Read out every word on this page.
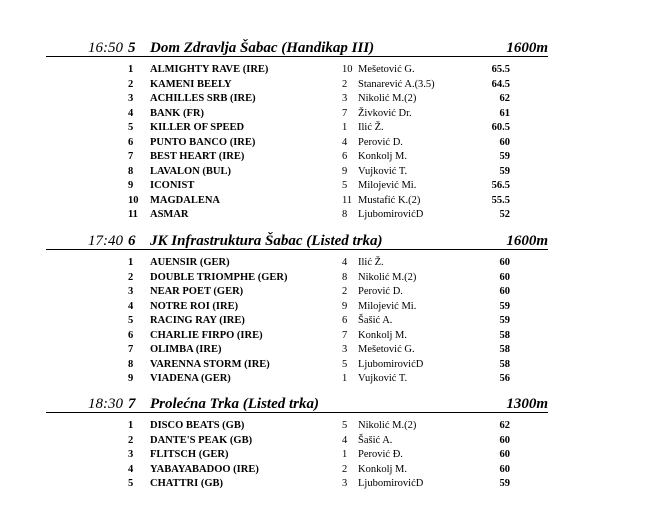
16:50 5 Dom Zdravlja Šabac (Handikap III)	1600m
1 ALMIGHTY RAVE (IRE)	10 Mešetović G.	65.5
2 KAMENI BEELY	2 Stanarević A.(3.5)	64.5
3 ACHILLES SRB (IRE)	3 Nikolić M.(2)	62
4 BANK (FR)	7 Živković Dr.	61
5 KILLER OF SPEED	1 Ilić Ž.	60.5
6 PUNTO BANCO (IRE)	4 Perović D.	60
7 BEST HEART (IRE)	6 Konkolj M.	59
8 LAVALON (BUL)	9 Vujković T.	59
9 ICONIST	5 Milojević Mi.	56.5
10 MAGDALENA	11 Mustafić K.(2)	55.5
11 ASMAR	8 LjubomirovićD	52
17:40 6 JK Infrastruktura Šabac (Listed trka)	1600m
1 AUENSIR (GER)	4 Ilić Ž.	60
2 DOUBLE TRIOMPHE (GER)	8 Nikolić M.(2)	60
3 NEAR POET (GER)	2 Perović D.	60
4 NOTRE ROI (IRE)	9 Milojević Mi.	59
5 RACING RAY (IRE)	6 Šašić A.	59
6 CHARLIE FIRPO (IRE)	7 Konkolj M.	58
7 OLIMBA (IRE)	3 Mešetović G.	58
8 VARENNA STORM (IRE)	5 LjubomirovićD	58
9 VIADENA (GER)	1 Vujković T.	56
18:30 7 Prolećna Trka (Listed trka)	1300m
1 DISCO BEATS (GB)	5 Nikolić M.(2)	62
2 DANTE'S PEAK (GB)	4 Šašić A.	60
3 FLITSCH (GER)	1 Perović Đ.	60
4 YABAYABADOO (IRE)	2 Konkolj M.	60
5 CHATTRI (GB)	3 LjubomirovićD	59
